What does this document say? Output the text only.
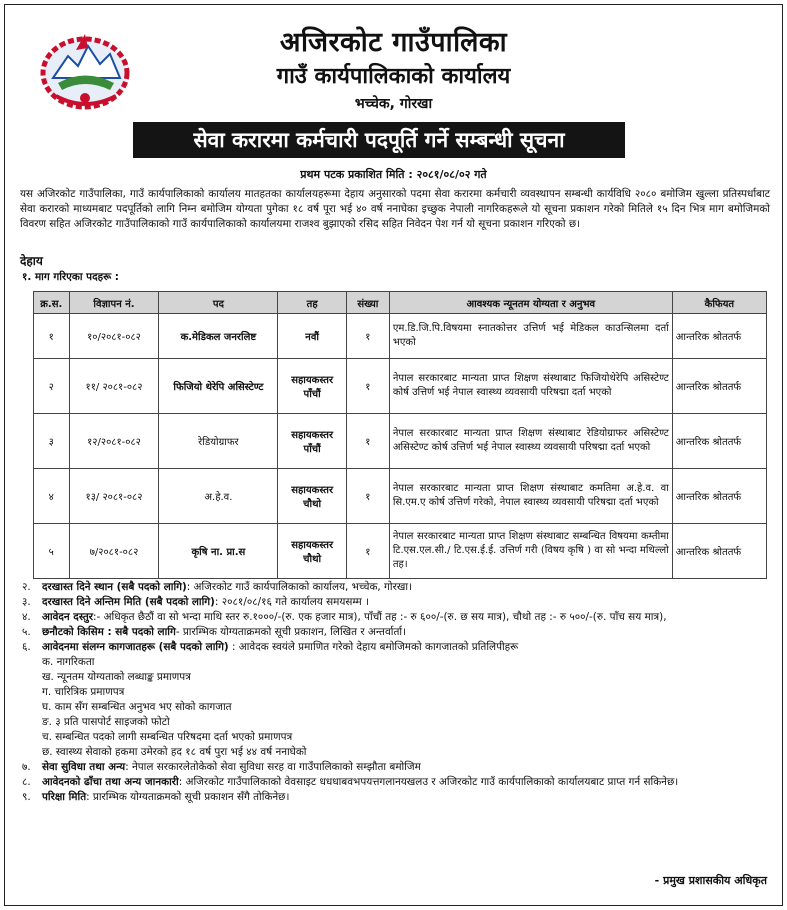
अजिरकोट गाउँपालिका
गाउँ कार्यपालिकाको कार्यालय
भच्चेक, गोरखा
सेवा करारमा कर्मचारी पदपूर्ति गर्ने सम्बन्धी सूचना
प्रथम पटक प्रकाशित मिति : २०८१/०८/०२ गते
यस अजिरकोट गाउँपालिका, गाउँ कार्यपालिकाको कार्यालय मातहतका कार्यालयहरूमा देहाय अनुसारको पदमा सेवा करारमा कर्मचारी व्यवस्थापन सम्बन्धी कार्यविधि २०८० बमोजिम खुल्ला प्रतिस्पर्धाबाट सेवा करारको माध्यमबाट पदपूर्तिको लागि निम्न बमोजिम योग्यता पुगेका १८ वर्ष पूरा भई ४० वर्ष ननाघेका इच्छुक नेपाली नागरिकहरूले यो सूचना प्रकाशन गरेको मितिले १५ दिन भित्र माग बमोजिमको विवरण सहित अजिरकोट गाउँपालिकाको गाउँ कार्यपालिकाको कार्यालयमा राजश्व बुझाएको रसिद सहित निवेदन पेश गर्न यो सूचना प्रकाशन गरिएको छ।
देहाय
१. माग गरिएका पदहरू :
क्र.स.	विज्ञापन नं.	पद	तह	संख्या	आवश्यक न्यूनतम योग्यता र अनुभव	कैफियत
१	१०/२०८१-०८२	क.मेडिकल जनरलिष्ट	नवौं	१	एम.डि.जि.पि.विषयमा स्नातकोत्तर उत्तिर्ण भई मेडिकल काउन्सिलमा दर्ता भएको	आन्तरिक श्रोततर्फ
२	११/ २०८१-०८२	फिजियो थेरेपि असिस्टेण्ट	सहायकस्तर पाँचौं	१	नेपाल सरकारबाट मान्यता प्राप्त शिक्षण संस्थाबाट फिजियोथेरेपि असिस्टेण्ट कोर्ष उत्तिर्ण भई नेपाल स्वास्थ्य व्यवसायी परिषद्मा दर्ता भएको	आन्तरिक श्रोततर्फ
३	१२/२०८१-०८२	रेडियोग्राफर	सहायकस्तर पाँचौं	१	नेपाल सरकारबाट मान्यता प्राप्त शिक्षण संस्थाबाट रेडियोग्राफर असिस्टेण्ट असिस्टेण्ट कोर्ष उत्तिर्ण भई नेपाल स्वास्थ्य व्यवसायी परिषद्मा दर्ता भएको	आन्तरिक श्रोततर्फ
४	१३/ २०८१-०८२	अ.हे.व.	सहायकस्तर चौथो	१	नेपाल सरकारबाट मान्यता प्राप्त शिक्षण संस्थाबाट कमतिमा अ.हे.व. वा सि.एम.ए कोर्ष उत्तिर्ण गरेको, नेपाल स्वास्थ्य व्यवसायी परिषद्मा दर्ता भएको	आन्तरिक श्रोततर्फ
५	७/२०८१-०८२	कृषि ना. प्रा.स	सहायकस्तर चौथो	१	नेपाल सरकारबाट मान्यता प्राप्त शिक्षण संस्थाबाट सम्बन्धित विषयमा कम्तीमा टि.एस.एल.सी./ टि.एस.ई.ई. उत्तिर्ण गरी (विषय कृषि ) वा सो भन्दा मथिल्लो तह।	आन्तरिक श्रोततर्फ
२.	दरखास्त दिने स्थान (सबै पदको लागि): अजिरकोट गाउँ कार्यपालिकाको कार्यालय, भच्चेक, गोरखा।
३.	दरखास्त दिने अन्तिम मिति (सबै पदको लागि): २०८१/०८/१६ गते कार्यालय समयसम्म ।
४.	आवेदन दस्तुर:- अधिकृत छैठौं वा सो भन्दा माथि स्तर रु.१०००/-(रु. एक हजार मात्र), पाँचौं तह :- रु ६००/-(रु. छ सय मात्र), चौथो तह :- रु ५००/-(रु. पाँच सय मात्र),
५.	छनौटको किसिम : सबै पदको लागि- प्रारम्भिक योग्यताक्रमको सूची प्रकाशन, लिखित र अन्तर्वार्ता।
६.	आवेदनमा संलग्न कागजातहरू (सबै पदको लागि) : आवेदक स्वयंले प्रमाणित गरेको देहाय बमोजिमको कागजातको प्रतिलिपीहरू
क. नागरिकता
ख. न्यूनतम योग्यताको लब्धाङ्क प्रमाणपत्र
ग. चारित्रिक प्रमाणपत्र
घ. काम सँग सम्बन्धित अनुभव भए सोको कागजात
ङ. ३ प्रति पासपोर्ट साइजको फोटो
च. सम्बन्धित पदको लागी सम्बन्धित परिषदमा दर्ता भएको प्रमाणपत्र
छ. स्वास्थ्य सेवाको हकमा उमेरको हद १८ वर्ष पुरा भई ४४ वर्ष ननाघेको
७.	सेवा सुविधा तथा अन्य: नेपाल सरकारलेतोकेको सेवा सुविधा सरह वा गाउँपालिकाको सम्झौता बमोजिम
८.	आवेदनको ढाँचा तथा अन्य जानकारी: अजिरकोट गाउँपालिकाको वेवसाइट धधधाबवभपयत्तगलानयखलउ र अजिरकोट गाउँ कार्यपालिकाको कार्यालयबाट प्राप्त गर्न सकिनेछ।
९.	परिक्षा मिति: प्रारम्भिक योग्यताक्रमको सूची प्रकाशन सँगै तोकिनेछ।
- प्रमुख प्रशासकीय अधिकृत
